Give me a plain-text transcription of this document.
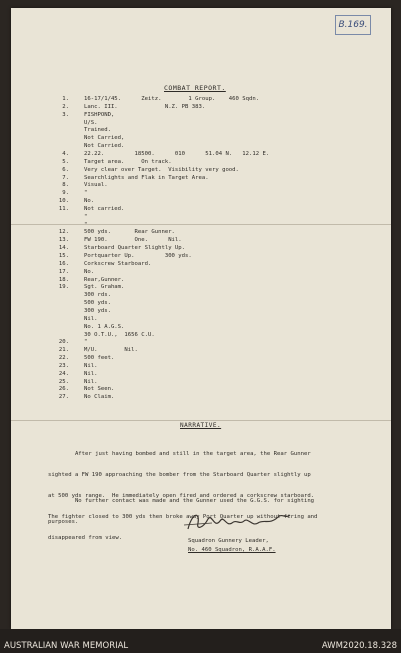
B.169.
COMBAT REPORT.
1.	16-17/1/45.      Zeitz.        1 Group.    460 Sqdn.
2.	Lanc. III.              N.Z. PB 383.
3.	FISHPOND,
U/S.
Trained.
Not Carried,
Not Carried.
4.	22.22.         18500.      010      51.04 N.   12.12 E.
5.	Target area.     On track.
6.	Very clear over Target.  Visibility very good.
7.	Searchlights and Flak in Target Area.
8.	Visual.
9.	"
10.	No.
11.	Not carried.
"
"
12.	500 yds.       Rear Gunner.
13.	FW 190.        One.      Nil.
14.	Starboard Quarter Slightly Up.
15.	Portquarter Up.         300 yds.
16.	Corkscrew Starboard.
17.	No.
18.	Rear,Gunner.
19.	Sgt. Graham.
300 rds.
500 yds.
300 yds.
Nil.
No. 1 A.G.S.
30 O.T.U.,  1656 C.U.
20.	"
21.	M/U.        Nil.
22.	500 feet.
23.	Nil.
24.	Nil.
25.	Nil.
26.	Not Seen.
27.	No Claim.
NARRATIVE.

After just having bombed and still in the target area, the Rear Gunner

sighted a FW 190 approaching the bomber from the Starboard Quarter slightly up

at 500 yds range.  He immediately open fired and ordered a corkscrew starboard.

The fighter closed to 300 yds then broke away Port Quarter up without firing and

disappeared from view.

No further contact was made and the Gunner used the G.G.S. for sighting

purposes.

Squadron Gunnery Leader,
No. 460 Squadron, R.A.A.F.
AUSTRALIAN WAR MEMORIAL	AWM2020.18.328
